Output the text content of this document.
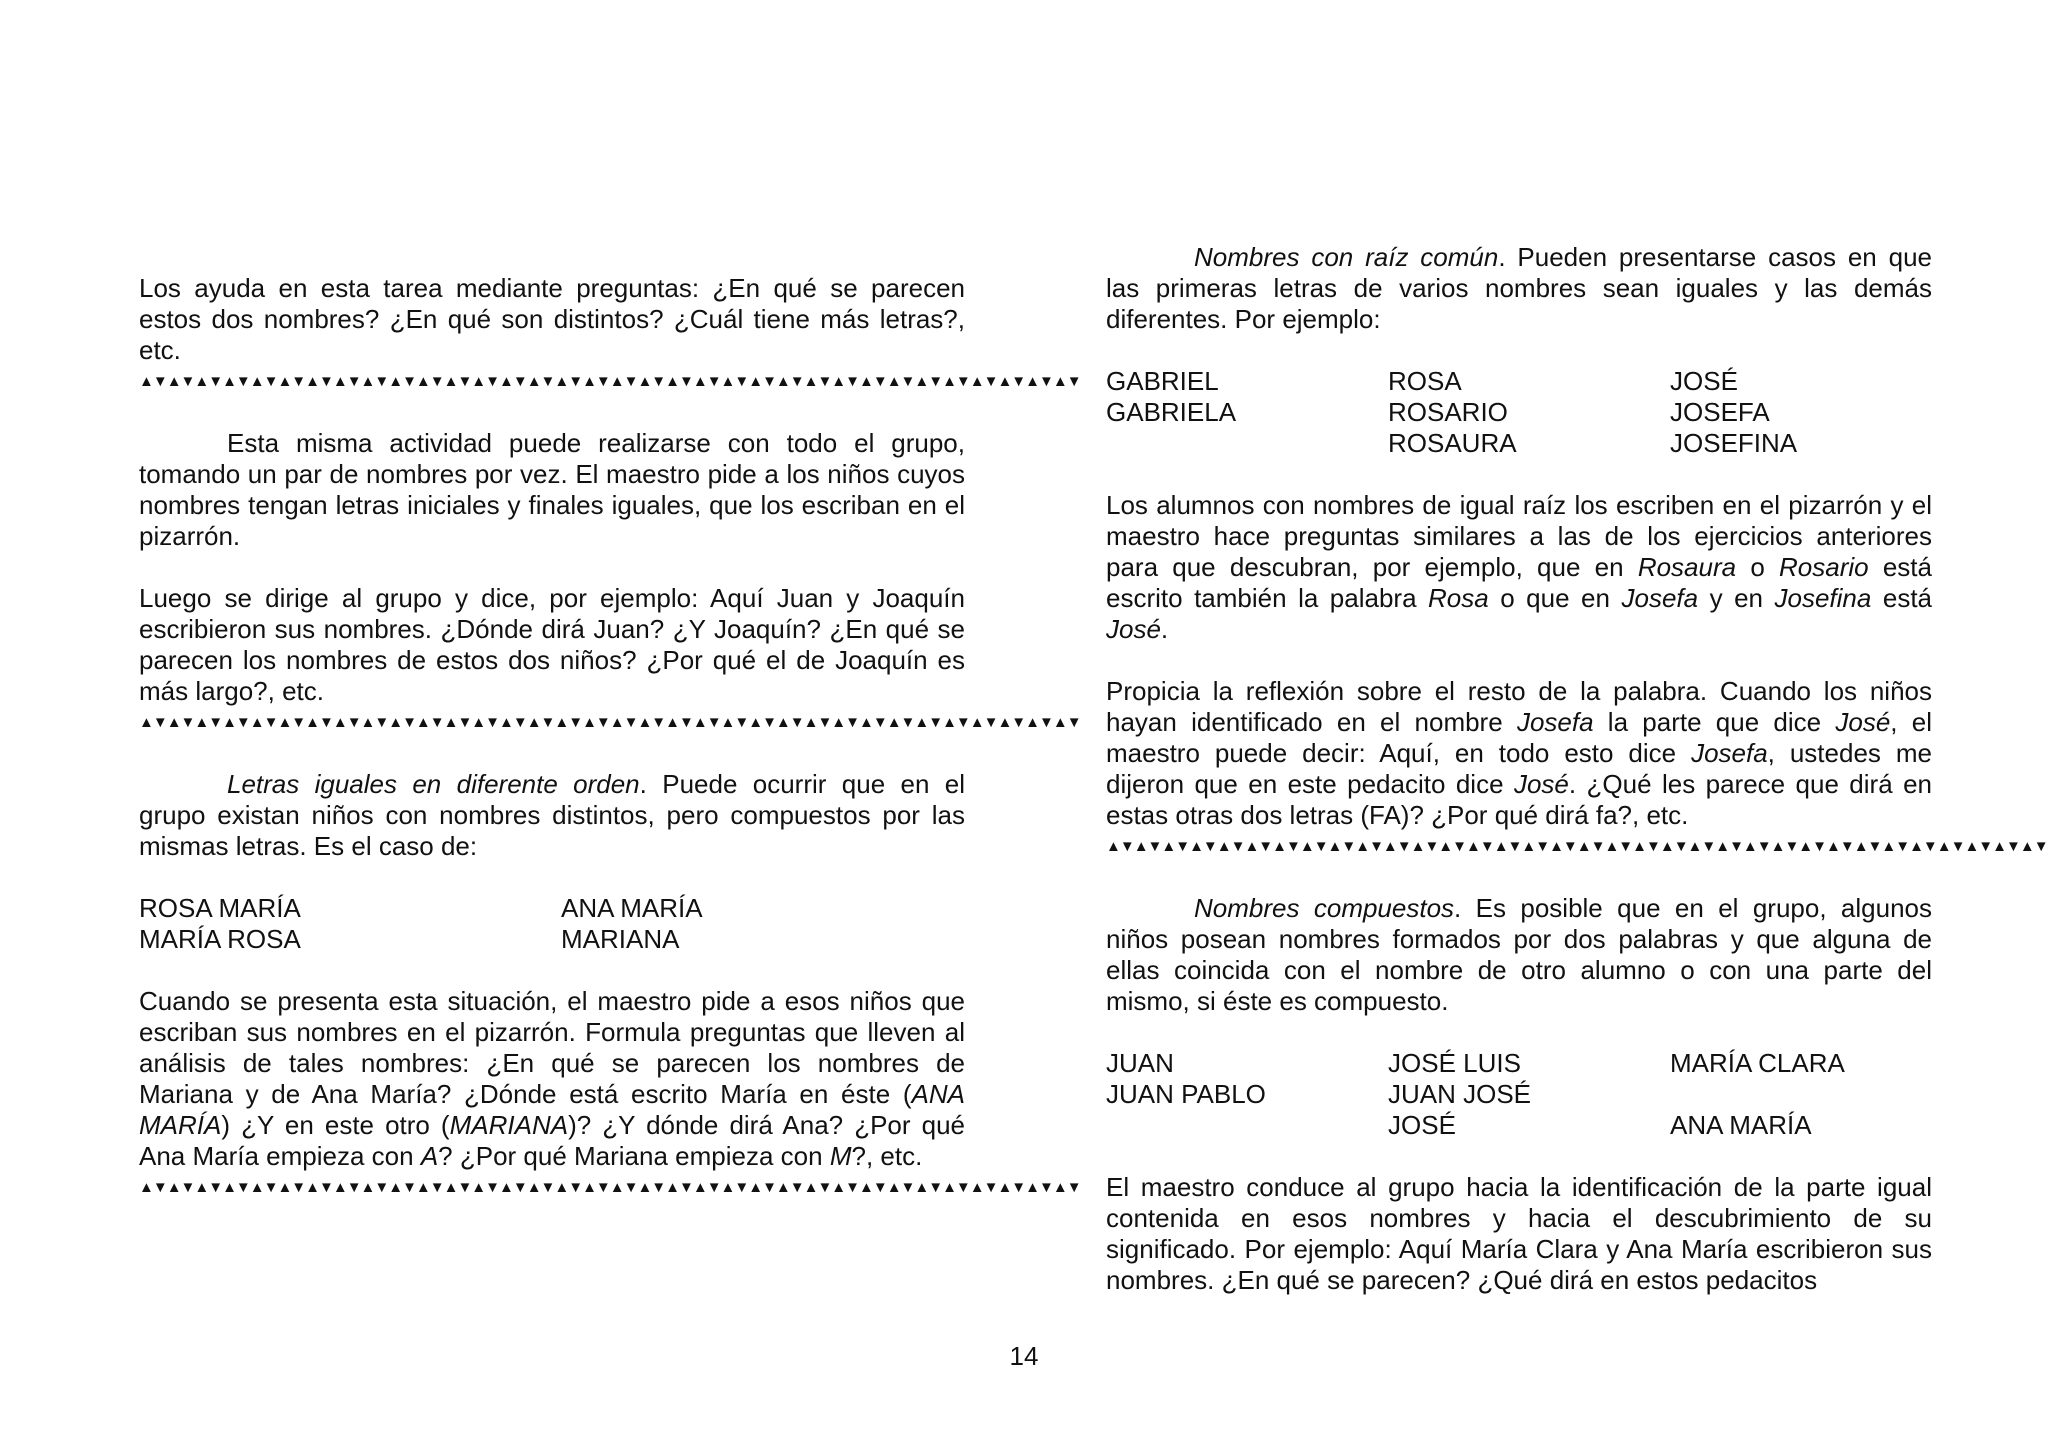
Los ayuda en esta tarea mediante preguntas: ¿En qué se parecen estos dos nombres? ¿En qué son distintos? ¿Cuál tiene más letras?, etc.

▲▼▲▼▲▼▲▼▲▼▲▼▲▼▲▼▲▼▲▼▲▼▲▼▲▼▲▼▲▼▲▼▲▼▲▼▲▼▲▼▲▼▲▼▲▼▲▼▲▼▲▼▲▼▲▼▲▼▲▼▲▼▲▼▲▼▲▼

Esta misma actividad puede realizarse con todo el grupo, tomando un par de nombres por vez. El maestro pide a los niños cuyos nombres tengan letras iniciales y finales iguales, que los escriban en el pizarrón.

Luego se dirige al grupo y dice, por ejemplo: Aquí Juan y Joaquín escribieron sus nombres. ¿Dónde dirá Juan? ¿Y Joaquín? ¿En qué se parecen los nombres de estos dos niños? ¿Por qué el de Joaquín es más largo?, etc.

▲▼▲▼▲▼▲▼▲▼▲▼▲▼▲▼▲▼▲▼▲▼▲▼▲▼▲▼▲▼▲▼▲▼▲▼▲▼▲▼▲▼▲▼▲▼▲▼▲▼▲▼▲▼▲▼▲▼▲▼▲▼▲▼▲▼▲▼

Letras iguales en diferente orden. Puede ocurrir que en el grupo existan niños con nombres distintos, pero compuestos por las mismas letras. Es el caso de:

ROSA MARÍA
MARÍA ROSA
ANA MARÍA
MARIANA

Cuando se presenta esta situación, el maestro pide a esos niños que escriban sus nombres en el pizarrón. Formula preguntas que lleven al análisis de tales nombres: ¿En qué se parecen los nombres de Mariana y de Ana María? ¿Dónde está escrito María en éste (ANA MARÍA) ¿Y en este otro (MARIANA)? ¿Y dónde dirá Ana? ¿Por qué Ana María empieza con A? ¿Por qué Mariana empieza con M?, etc.

▲▼▲▼▲▼▲▼▲▼▲▼▲▼▲▼▲▼▲▼▲▼▲▼▲▼▲▼▲▼▲▼▲▼▲▼▲▼▲▼▲▼▲▼▲▼▲▼▲▼▲▼▲▼▲▼▲▼▲▼▲▼▲▼▲▼▲▼

Nombres con raíz común. Pueden presentarse casos en que las primeras letras de varios nombres sean iguales y las demás diferentes. Por ejemplo:

GABRIEL
GABRIELA
ROSA
ROSARIO
ROSAURA
JOSÉ
JOSEFA
JOSEFINA

Los alumnos con nombres de igual raíz los escriben en el pizarrón y el maestro hace preguntas similares a las de los ejercicios anteriores para que descubran, por ejemplo, que en Rosaura o Rosario está escrito también la palabra Rosa o que en Josefa y en Josefina está José.

Propicia la reflexión sobre el resto de la palabra. Cuando los niños hayan identificado en el nombre Josefa la parte que dice José, el maestro puede decir: Aquí, en todo esto dice Josefa, ustedes me dijeron que en este pedacito dice José. ¿Qué les parece que dirá en estas otras dos letras (FA)? ¿Por qué dirá fa?, etc.

▲▼▲▼▲▼▲▼▲▼▲▼▲▼▲▼▲▼▲▼▲▼▲▼▲▼▲▼▲▼▲▼▲▼▲▼▲▼▲▼▲▼▲▼▲▼▲▼▲▼▲▼▲▼▲▼▲▼▲▼▲▼▲▼▲▼▲▼

Nombres compuestos. Es posible que en el grupo, algunos niños posean nombres formados por dos palabras y que alguna de ellas coincida con el nombre de otro alumno o con una parte del mismo, si éste es compuesto.

JUAN
JUAN PABLO
JOSÉ LUIS
JUAN JOSÉ
JOSÉ
MARÍA CLARA
ANA MARÍA

El maestro conduce al grupo hacia la identificación de la parte igual contenida en esos nombres y hacia el descubrimiento de su significado. Por ejemplo: Aquí María Clara y Ana María escribieron sus nombres. ¿En qué se parecen? ¿Qué dirá en estos pedacitos

14
